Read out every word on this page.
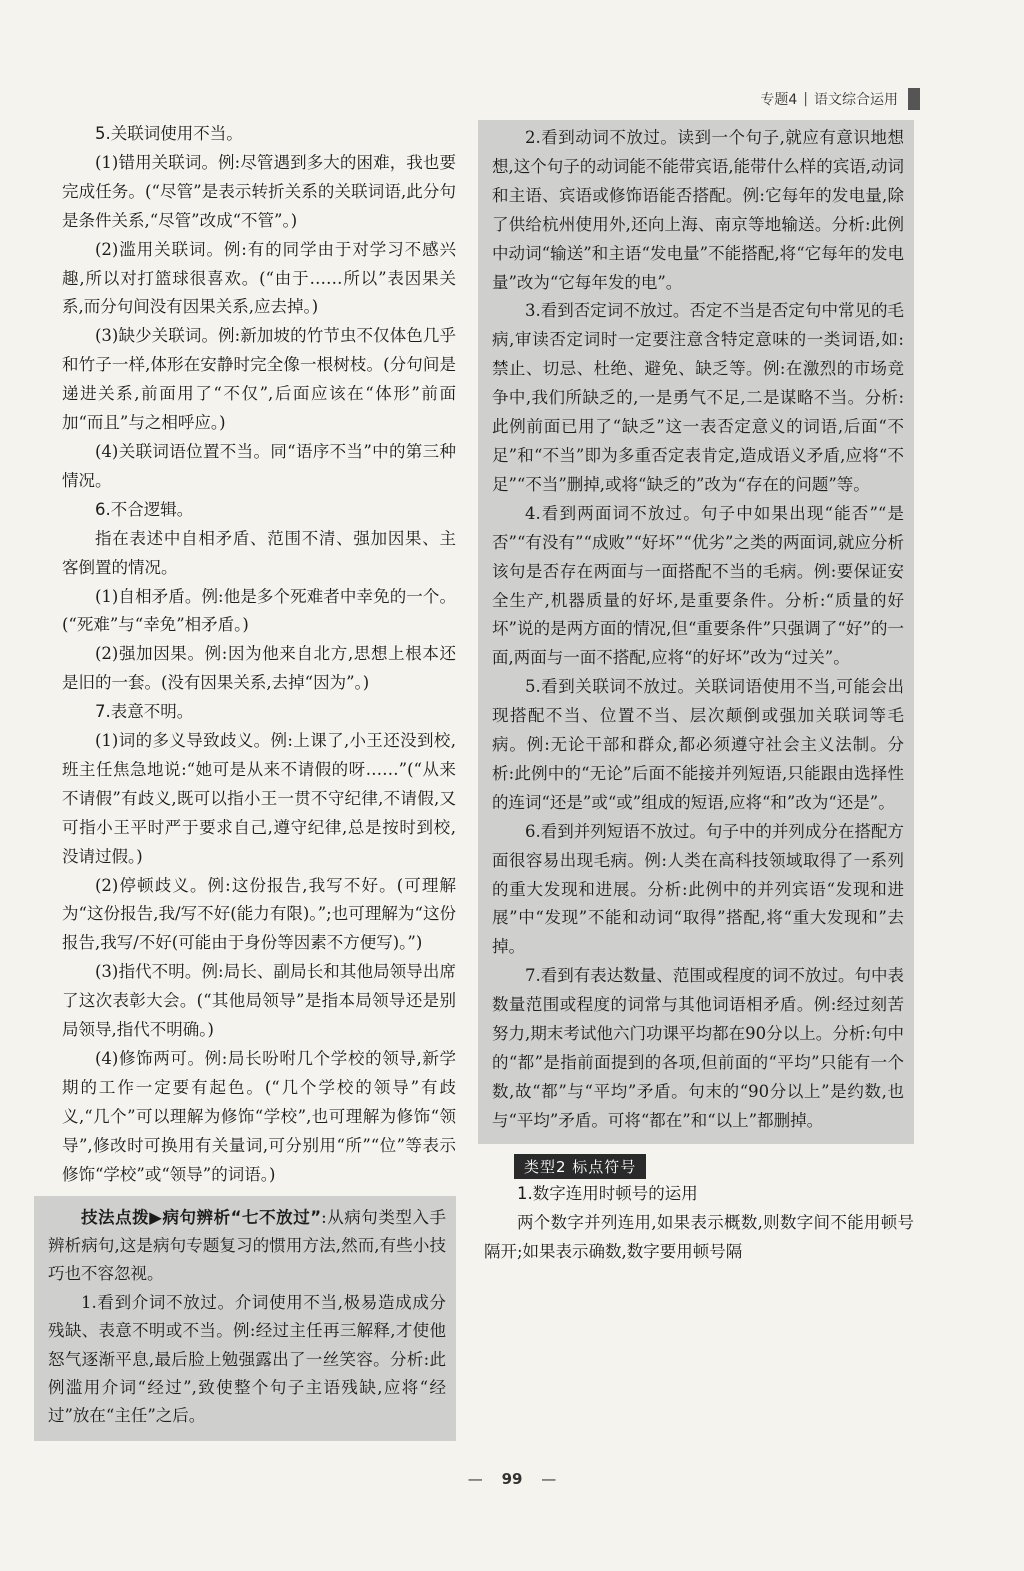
专题4 | 语文综合运用

5.关联词使用不当。

(1)错用关联词。例:尽管遇到多大的困难，我也要完成任务。(“尽管”是表示转折关系的关联词语,此分句是条件关系,“尽管”改成“不管”。)

(2)滥用关联词。例:有的同学由于对学习不感兴趣,所以对打篮球很喜欢。(“由于……所以”表因果关系,而分句间没有因果关系,应去掉。)

(3)缺少关联词。例:新加坡的竹节虫不仅体色几乎和竹子一样,体形在安静时完全像一根树枝。(分句间是递进关系,前面用了“不仅”,后面应该在“体形”前面加“而且”与之相呼应。)

(4)关联词语位置不当。同“语序不当”中的第三种情况。

6.不合逻辑。

指在表述中自相矛盾、范围不清、强加因果、主客倒置的情况。

(1)自相矛盾。例:他是多个死难者中幸免的一个。(“死难”与“幸免”相矛盾。)

(2)强加因果。例:因为他来自北方,思想上根本还是旧的一套。(没有因果关系,去掉“因为”。)

7.表意不明。

(1)词的多义导致歧义。例:上课了,小王还没到校,班主任焦急地说:“她可是从来不请假的呀……”(“从来不请假”有歧义,既可以指小王一贯不守纪律,不请假,又可指小王平时严于要求自己,遵守纪律,总是按时到校,没请过假。)

(2)停顿歧义。例:这份报告,我写不好。(可理解为“这份报告,我/写不好(能力有限)。”;也可理解为“这份报告,我写/不好(可能由于身份等因素不方便写)。”)

(3)指代不明。例:局长、副局长和其他局领导出席了这次表彰大会。(“其他局领导”是指本局领导还是别局领导,指代不明确。)

(4)修饰两可。例:局长吩咐几个学校的领导,新学期的工作一定要有起色。(“几个学校的领导”有歧义,“几个”可以理解为修饰“学校”,也可理解为修饰“领导”,修改时可换用有关量词,可分别用“所”“位”等表示修饰“学校”或“领导”的词语。)

技法点拨▶病句辨析“七不放过”:从病句类型入手辨析病句,这是病句专题复习的惯用方法,然而,有些小技巧也不容忽视。

1.看到介词不放过。介词使用不当,极易造成成分残缺、表意不明或不当。例:经过主任再三解释,才使他怒气逐渐平息,最后脸上勉强露出了一丝笑容。分析:此例滥用介词“经过”,致使整个句子主语残缺,应将“经过”放在“主任”之后。

2.看到动词不放过。读到一个句子,就应有意识地想想,这个句子的动词能不能带宾语,能带什么样的宾语,动词和主语、宾语或修饰语能否搭配。例:它每年的发电量,除了供给杭州使用外,还向上海、南京等地输送。分析:此例中动词“输送”和主语“发电量”不能搭配,将“它每年的发电量”改为“它每年发的电”。

3.看到否定词不放过。否定不当是否定句中常见的毛病,审读否定词时一定要注意含特定意味的一类词语,如:禁止、切忌、杜绝、避免、缺乏等。例:在激烈的市场竞争中,我们所缺乏的,一是勇气不足,二是谋略不当。分析:此例前面已用了“缺乏”这一表否定意义的词语,后面“不足”和“不当”即为多重否定表肯定,造成语义矛盾,应将“不足”“不当”删掉,或将“缺乏的”改为“存在的问题”等。

4.看到两面词不放过。句子中如果出现“能否”“是否”“有没有”“成败”“好坏”“优劣”之类的两面词,就应分析该句是否存在两面与一面搭配不当的毛病。例:要保证安全生产,机器质量的好坏,是重要条件。分析:“质量的好坏”说的是两方面的情况,但“重要条件”只强调了“好”的一面,两面与一面不搭配,应将“的好坏”改为“过关”。

5.看到关联词不放过。关联词语使用不当,可能会出现搭配不当、位置不当、层次颠倒或强加关联词等毛病。例:无论干部和群众,都必须遵守社会主义法制。分析:此例中的“无论”后面不能接并列短语,只能跟由选择性的连词“还是”或“或”组成的短语,应将“和”改为“还是”。

6.看到并列短语不放过。句子中的并列成分在搭配方面很容易出现毛病。例:人类在高科技领域取得了一系列的重大发现和进展。分析:此例中的并列宾语“发现和进展”中“发现”不能和动词“取得”搭配,将“重大发现和”去掉。

7.看到有表达数量、范围或程度的词不放过。句中表数量范围或程度的词常与其他词语相矛盾。例:经过刻苦努力,期末考试他六门功课平均都在90分以上。分析:句中的“都”是指前面提到的各项,但前面的“平均”只能有一个数,故“都”与“平均”矛盾。句末的“90分以上”是约数,也与“平均”矛盾。可将“都在”和“以上”都删掉。

类型2 标点符号

1.数字连用时顿号的运用

两个数字并列连用,如果表示概数,则数字间不能用顿号隔开;如果表示确数,数字要用顿号隔

— 99 —
